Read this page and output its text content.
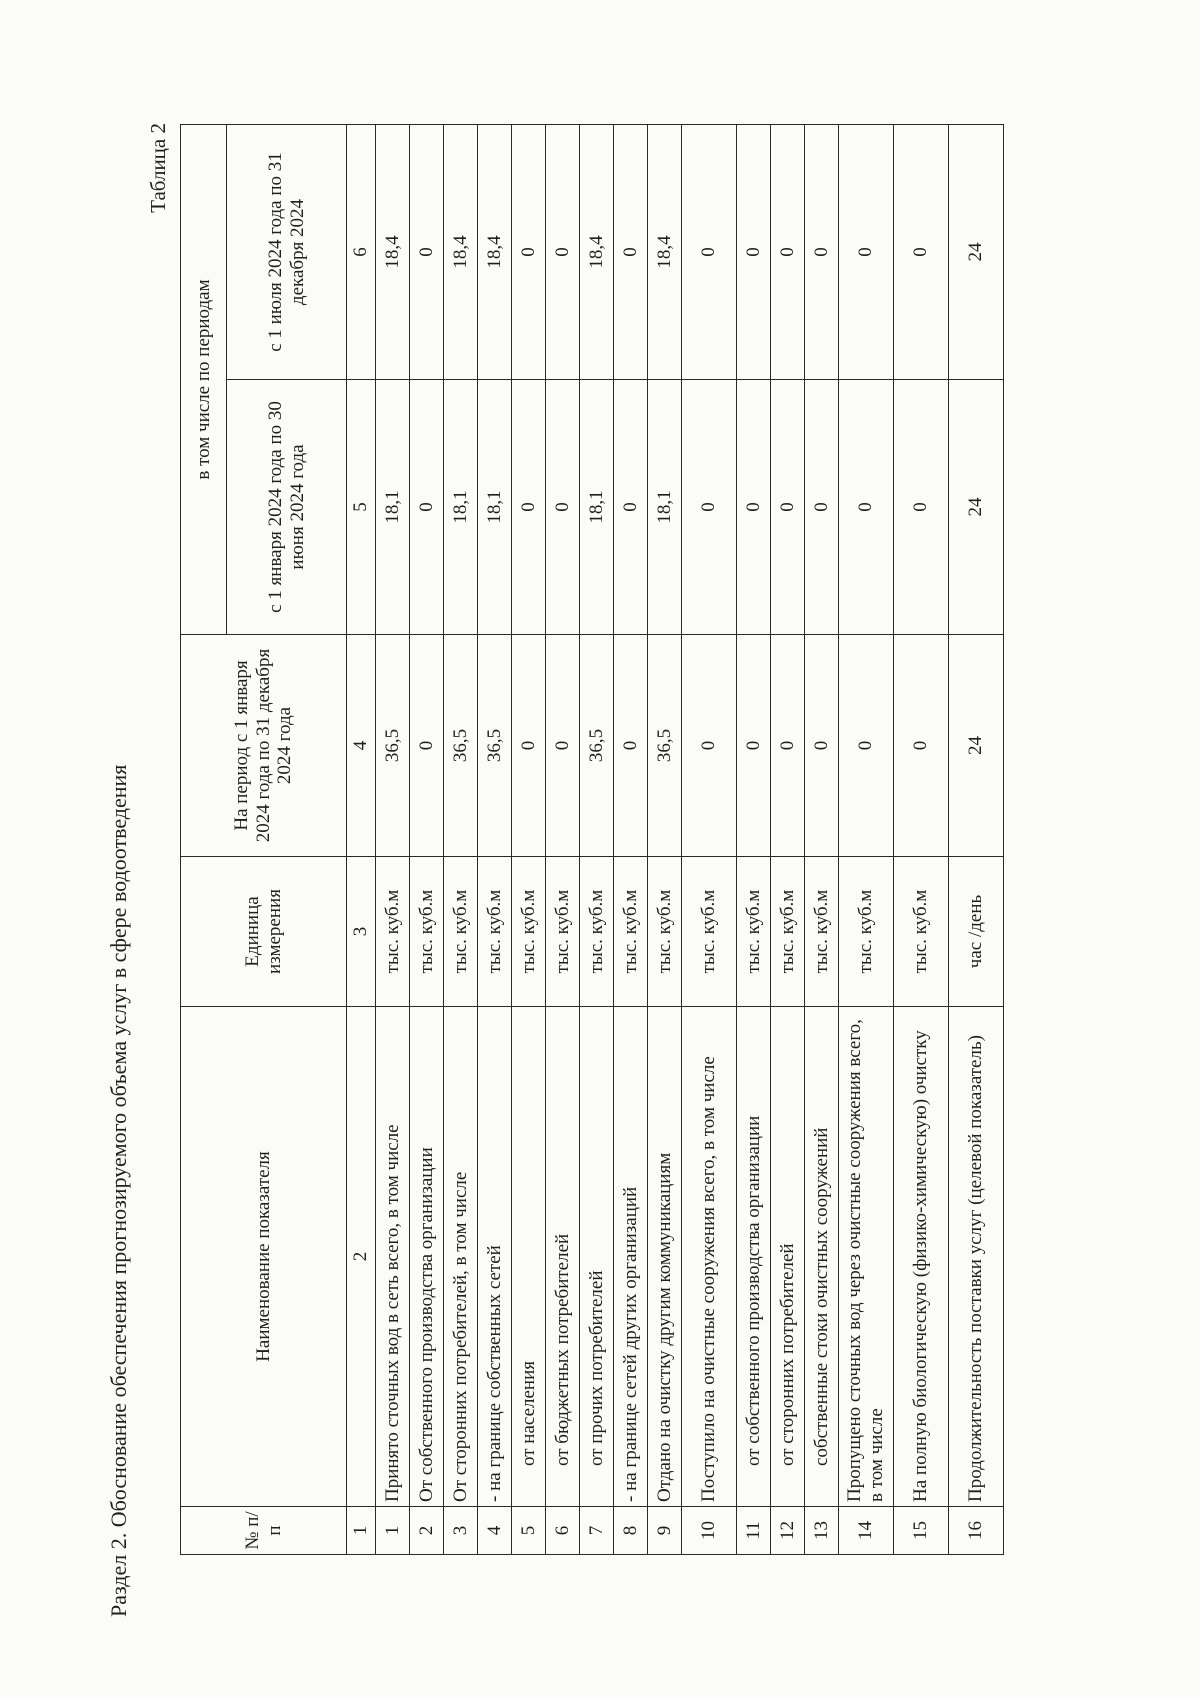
Раздел 2. Обоснование обеспечения прогнозируемого объема услуг в сфере водоотведения
Таблица 2
№ п/п	Наименование показателя	Единица измерения	На период с 1 января 2024 года по 31 декабря 2024 года	в том числе по периодам	
				с 1 января 2024 года по 30 июня 2024 года	с 1 июля 2024 года по 31 декабря 2024
1	2	3	4	5	6
1	Принято сточных вод в сеть всего, в том числе	тыс. куб.м	36,5	18,1	18,4
2	От собственного производства организации	тыс. куб.м	0	0	0
3	От сторонних потребителей, в том числе	тыс. куб.м	36,5	18,1	18,4
4	- на границе собственных сетей	тыс. куб.м	36,5	18,1	18,4
5	от населения	тыс. куб.м	0	0	0
6	от бюджетных потребителей	тыс. куб.м	0	0	0
7	от прочих потребителей	тыс. куб.м	36,5	18,1	18,4
8	- на границе сетей других организаций	тыс. куб.м	0	0	0
9	Отдано на очистку другим коммуникациям	тыс. куб.м	36,5	18,1	18,4
10	Поступило на очистные сооружения всего, в том числе	тыс. куб.м	0	0	0
11	от собственного производства организации	тыс. куб.м	0	0	0
12	от сторонних потребителей	тыс. куб.м	0	0	0
13	собственные стоки очистных сооружений	тыс. куб.м	0	0	0
14	Пропущено сточных вод через очистные сооружения всего, в том числе	тыс. куб.м	0	0	0
15	На полную биологическую (физико-химическую) очистку	тыс. куб.м	0	0	0
16	Продолжительность поставки услуг (целевой показатель)	час /день	24	24	24
